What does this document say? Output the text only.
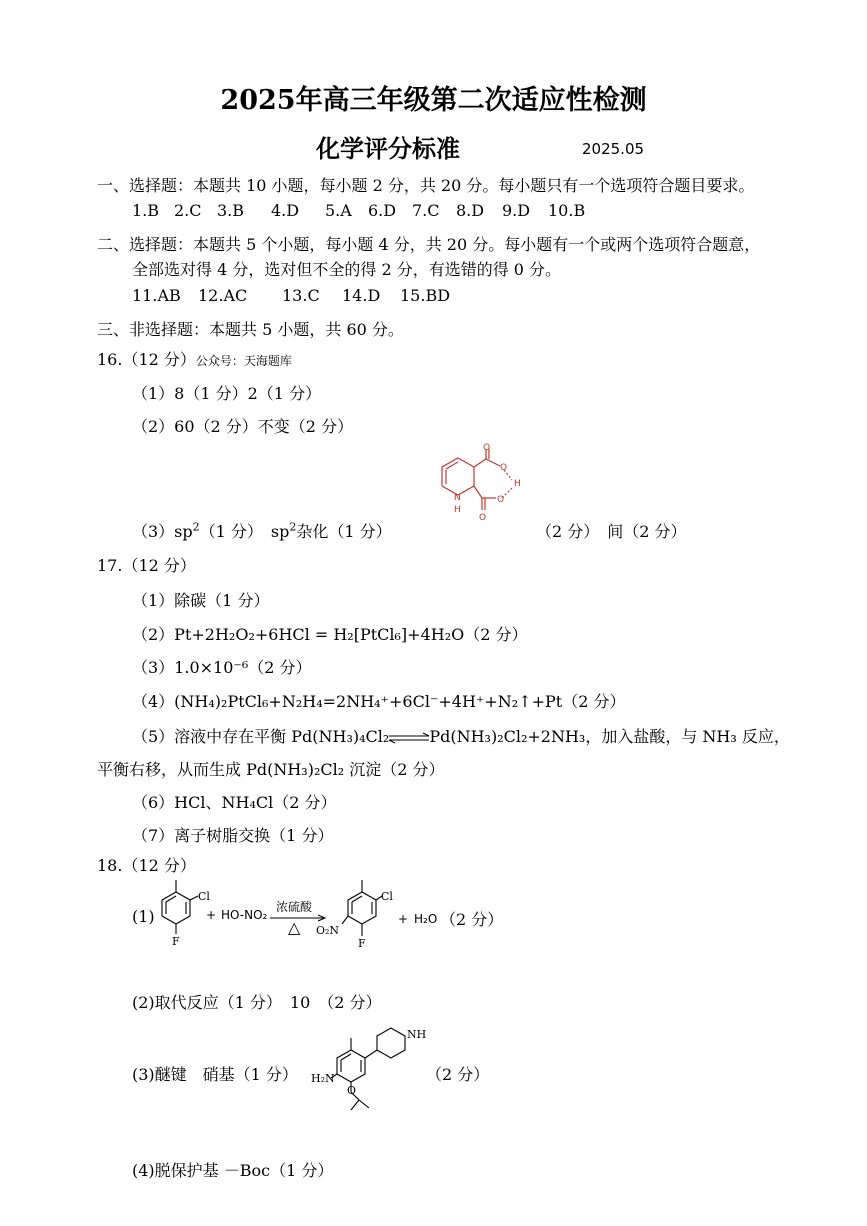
2025年高三年级第二次适应性检测
化学评分标准	2025.05
一、选择题：本题共 10 小题，每小题 2 分，共 20 分。每小题只有一个选项符合题目要求。
1.B 2.C 3.B 4.D 5.A 6.D 7.C 8.D 9.D 10.B
二、选择题：本题共 5 个小题，每小题 4 分，共 20 分。每小题有一个或两个选项符合题意，
全部选对得 4 分，选对但不全的得 2 分，有选错的得 0 分。
11.AB 12.AC 13.C 14.D 15.BD
三、非选择题：本题共 5 小题，共 60 分。
16.（12 分）公众号：天海题库
（1）8（1 分）2（1 分）
（2）60（2 分）不变（2 分）
$(3)sp^2(1$ 分）　$sp^2$杂化（1 分）	（2 分）　间（2 分）
N
H
O
O
H
O
O
17.（12 分）
（1）除碳（1 分）
（2）Pt+2H₂O₂+6HCl = H₂[PtCl₆]+4H₂O（2 分）
（3）1.0×10⁻⁶（2 分）
（4）(NH₄)₂PtCl₆+N₂H₄=2NH₄⁺+6Cl⁻+4H⁺+N₂↑+Pt（2 分）
（5）溶液中存在平衡 Pd(NH₃)₄Cl₂⇌Pd(NH₃)₂Cl₂+2NH₃，加入盐酸，与 NH₃ 反应，
平衡右移，从而生成 Pd(NH₃)₂Cl₂ 沉淀（2 分）
（6）HCl、NH₄Cl（2 分）
（7）离子树脂交换（1 分）
18.（12 分）
(1)
Cl
F
+ HO-NO₂
浓硫酸
△
Cl
F
O₂N
+ H₂O （2 分）
(2)取代反应（1 分）　10　（2 分）
(3)醚键　硝基（1 分）
NH
H₂N
O
（2 分）
(4)脱保护基 －Boc（1 分）
